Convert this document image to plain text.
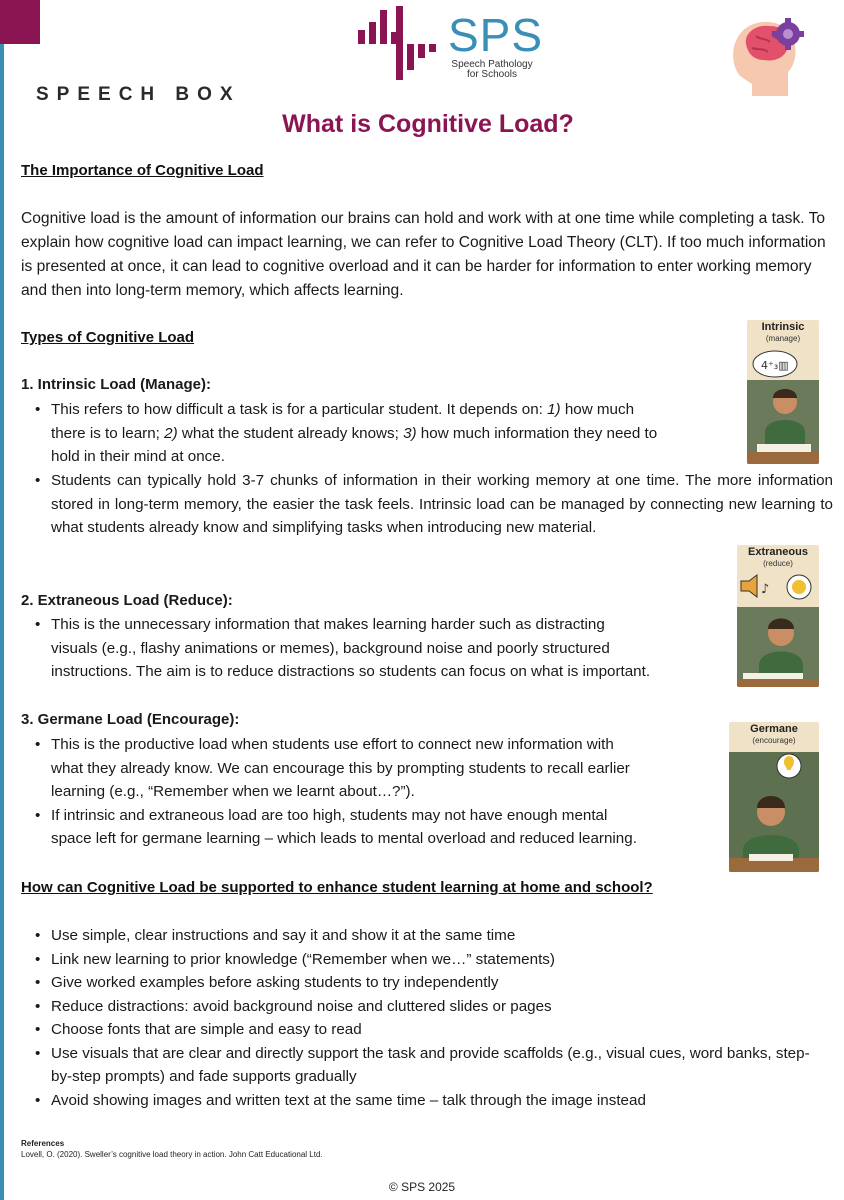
SPS
Speech Pathology
for Schools
SPEECH BOX
What is Cognitive Load?
The Importance of Cognitive Load
Cognitive load is the amount of information our brains can hold and work with at one time while completing a task. To explain how cognitive load can impact learning, we can refer to Cognitive Load Theory (CLT). If too much information is presented at once, it can lead to cognitive overload and it can be harder for information to enter working memory and then into long-term memory, which affects learning.
Types of Cognitive Load
1. Intrinsic Load (Manage):
• This refers to how difficult a task is for a particular student. It depends on: 1) how much
there is to learn; 2) what the student already knows; 3) how much information they need to
hold in their mind at once.
• Students can typically hold 3-7 chunks of information in their working memory at one time. The more information stored in long-term memory, the easier the task feels. Intrinsic load can be managed by connecting new learning to what students already know and simplifying tasks when introducing new material.
2. Extraneous Load (Reduce):
• This is the unnecessary information that makes learning harder such as distracting
visuals (e.g., flashy animations or memes), background noise and poorly structured
instructions. The aim is to reduce distractions so students can focus on what is important.
3. Germane Load (Encourage):
• This is the productive load when students use effort to connect new information with
what they already know. We can encourage this by prompting students to recall earlier
learning (e.g., “Remember when we learnt about…?”).
• If intrinsic and extraneous load are too high, students may not have enough mental
space left for germane learning – which leads to mental overload and reduced learning.
Intrinsic
(manage)
4⁺₃▥
Extraneous
(reduce)
♪
Germane
(encourage)
How can Cognitive Load be supported to enhance student learning at home and school?
• Use simple, clear instructions and say it and show it at the same time
• Link new learning to prior knowledge (“Remember when we…” statements)
• Give worked examples before asking students to try independently
• Reduce distractions: avoid background noise and cluttered slides or pages
• Choose fonts that are simple and easy to read
• Use visuals that are clear and directly support the task and provide scaffolds (e.g., visual cues, word banks, step-by-step prompts) and fade supports gradually
• Avoid showing images and written text at the same time – talk through the image instead
References
Lovell, O. (2020). Sweller’s cognitive load theory in action. John Catt Educational Ltd.
© SPS 2025
